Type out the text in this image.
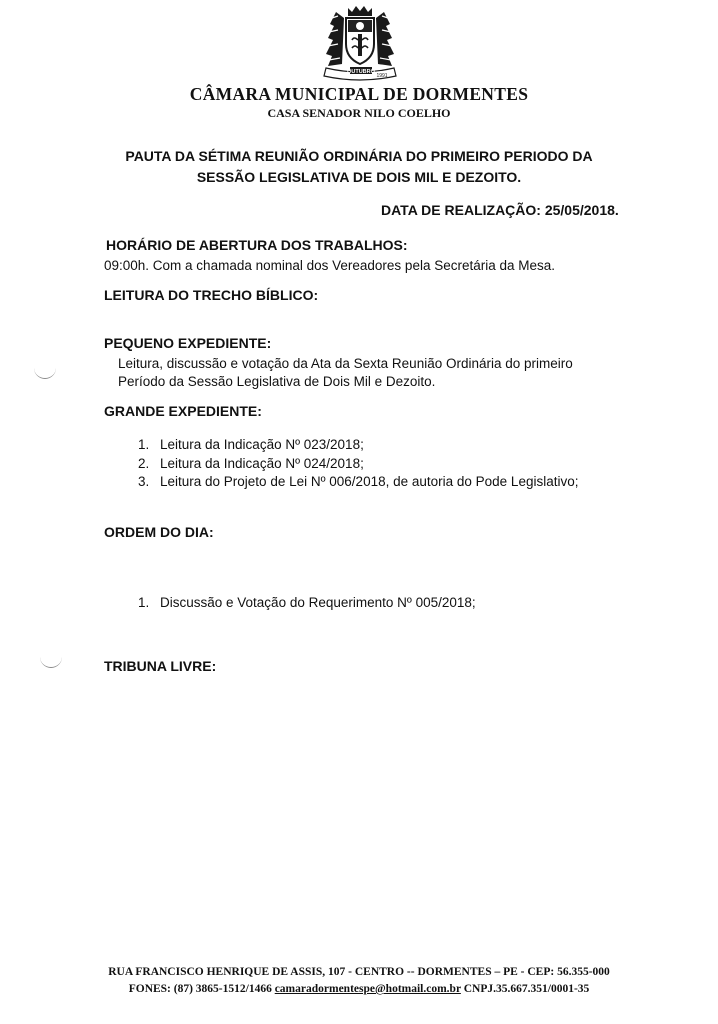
OUTUBRO
1991
CÂMARA MUNICIPAL DE DORMENTES
CASA SENADOR NILO COELHO
PAUTA DA SÉTIMA REUNIÃO ORDINÁRIA DO PRIMEIRO PERIODO DA
SESSÃO LEGISLATIVA DE DOIS MIL E DEZOITO.
DATA DE REALIZAÇÃO: 25/05/2018.
HORÁRIO DE ABERTURA DOS TRABALHOS:
09:00h. Com a chamada nominal dos Vereadores pela Secretária da Mesa.
LEITURA DO TRECHO BÍBLICO:
PEQUENO EXPEDIENTE:
Leitura, discussão e votação da Ata da Sexta Reunião Ordinária do primeiro
Período da Sessão Legislativa de Dois Mil e Dezoito.
GRANDE EXPEDIENTE:
1. Leitura da Indicação Nº 023/2018;
2. Leitura da Indicação Nº 024/2018;
3. Leitura do Projeto de Lei Nº 006/2018, de autoria do Pode Legislativo;
ORDEM DO DIA:
1. Discussão e Votação do Requerimento Nº 005/2018;
TRIBUNA LIVRE:
RUA FRANCISCO HENRIQUE DE ASSIS, 107 - CENTRO -- DORMENTES – PE - CEP: 56.355-000
FONES: (87) 3865-1512/1466 camaradormentespe@hotmail.com.br CNPJ.35.667.351/0001-35
